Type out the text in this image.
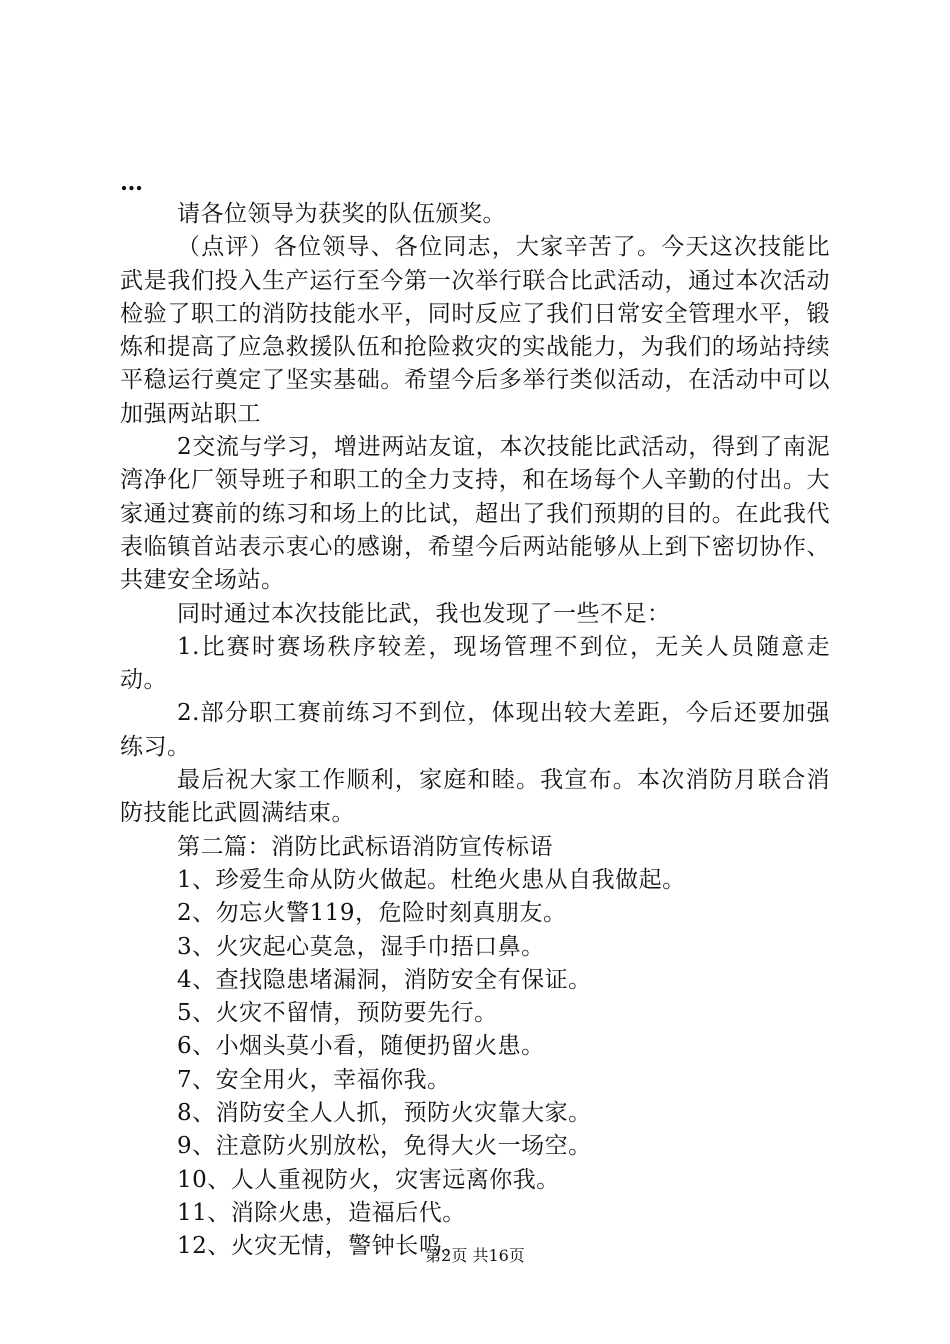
…

请各位领导为获奖的队伍颁奖。

（点评）各位领导、各位同志，大家辛苦了。今天这次技能比武是我们投入生产运行至今第一次举行联合比武活动，通过本次活动检验了职工的消防技能水平，同时反应了我们日常安全管理水平，锻炼和提高了应急救援队伍和抢险救灾的实战能力，为我们的场站持续平稳运行奠定了坚实基础。希望今后多举行类似活动，在活动中可以加强两站职工

2交流与学习，增进两站友谊，本次技能比武活动，得到了南泥湾净化厂领导班子和职工的全力支持，和在场每个人辛勤的付出。大家通过赛前的练习和场上的比试，超出了我们预期的目的。在此我代表临镇首站表示衷心的感谢，希望今后两站能够从上到下密切协作、共建安全场站。

同时通过本次技能比武，我也发现了一些不足：

1.比赛时赛场秩序较差，现场管理不到位，无关人员随意走动。

2.部分职工赛前练习不到位，体现出较大差距，今后还要加强练习。

最后祝大家工作顺利，家庭和睦。我宣布。本次消防月联合消防技能比武圆满结束。

第二篇：消防比武标语消防宣传标语

1、珍爱生命从防火做起。杜绝火患从自我做起。

2、勿忘火警119，危险时刻真朋友。

3、火灾起心莫急，湿手巾捂口鼻。

4、查找隐患堵漏洞，消防安全有保证。

5、火灾不留情，预防要先行。

6、小烟头莫小看，随便扔留火患。

7、安全用火，幸福你我。

8、消防安全人人抓，预防火灾靠大家。

9、注意防火别放松，免得大火一场空。

10、人人重视防火，灾害远离你我。

11、消除火患，造福后代。

12、火灾无情，警钟长鸣。

第2页 共16页
